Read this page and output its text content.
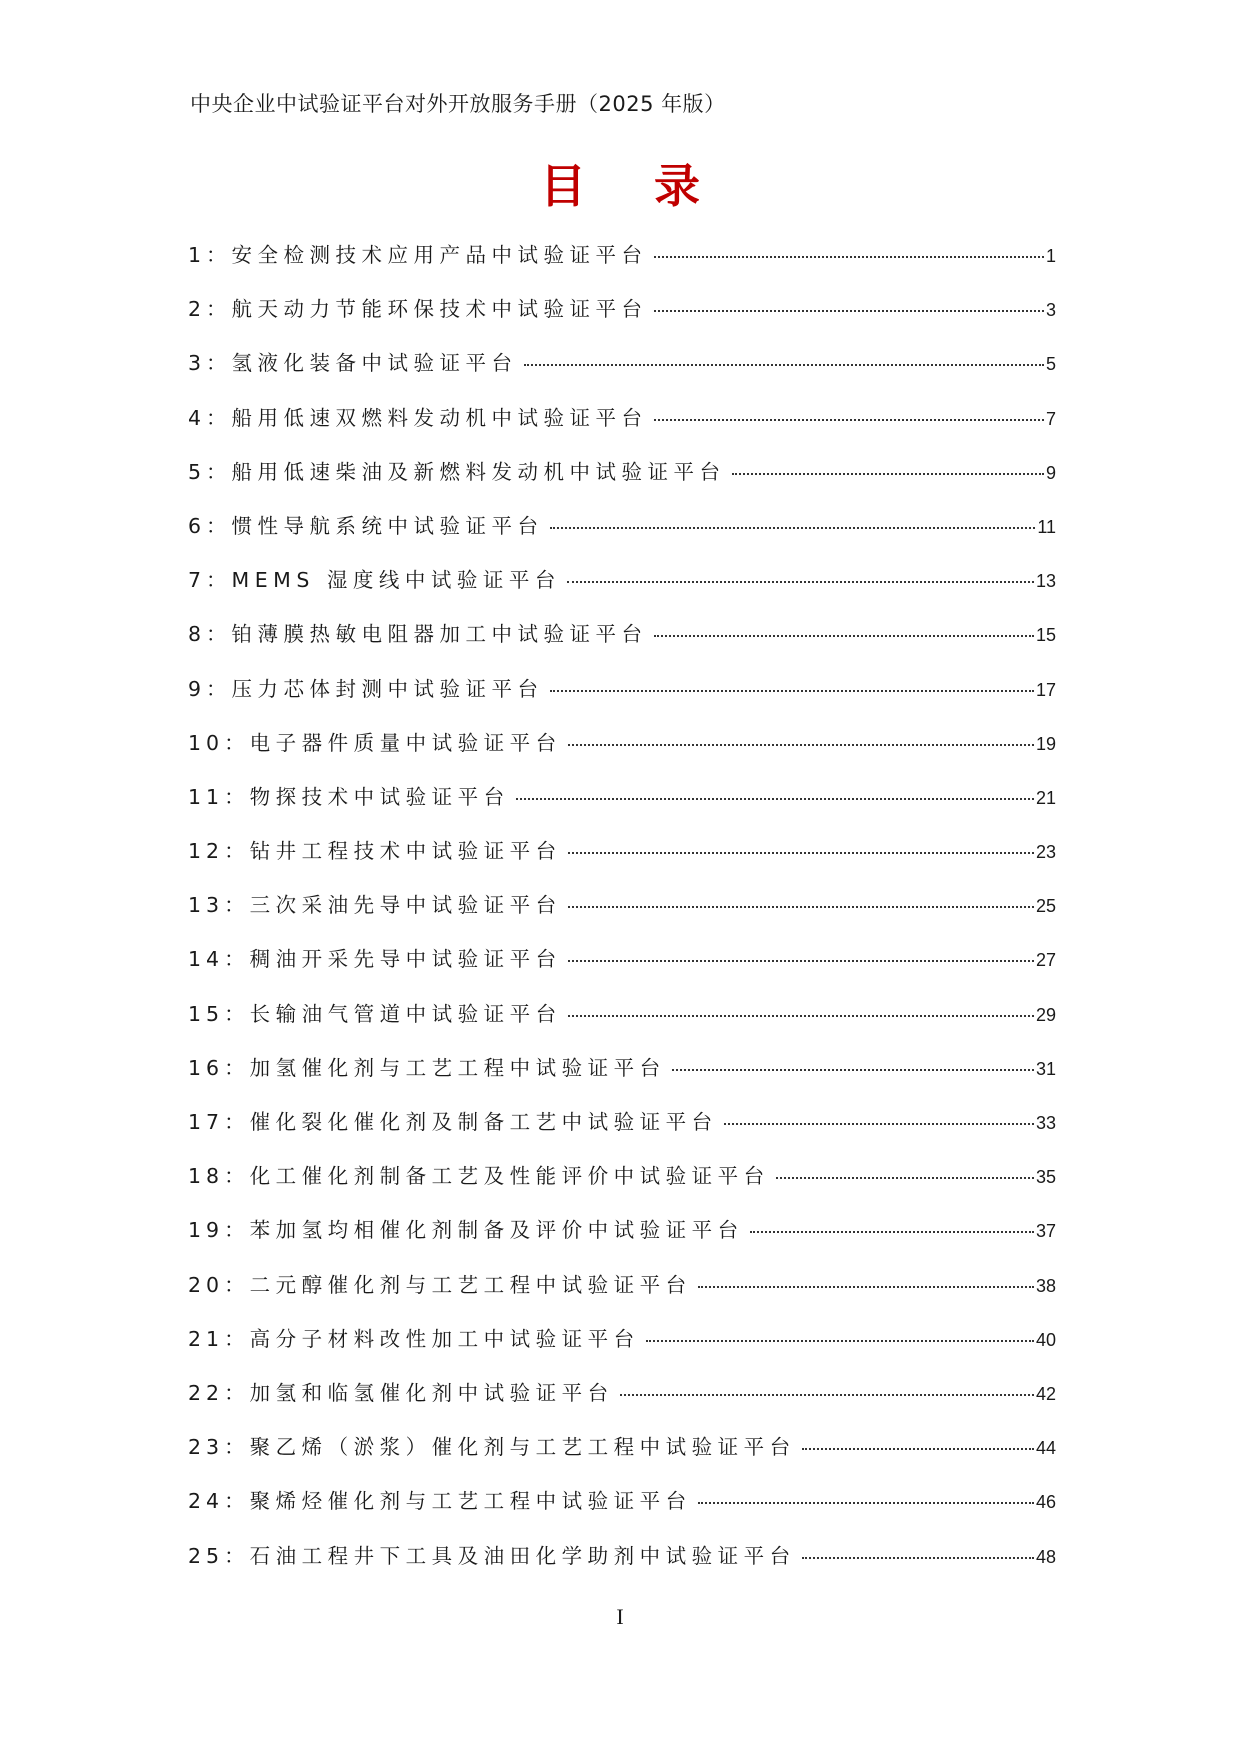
中央企业中试验证平台对外开放服务手册（2025 年版）
目 录
1： 安全检测技术应用产品中试验证平台	1
2： 航天动力节能环保技术中试验证平台	3
3： 氢液化装备中试验证平台	5
4： 船用低速双燃料发动机中试验证平台	7
5： 船用低速柴油及新燃料发动机中试验证平台	9
6： 惯性导航系统中试验证平台	11
7： MEMS 湿度线中试验证平台	13
8： 铂薄膜热敏电阻器加工中试验证平台	15
9： 压力芯体封测中试验证平台	17
10： 电子器件质量中试验证平台	19
11： 物探技术中试验证平台	21
12： 钻井工程技术中试验证平台	23
13： 三次采油先导中试验证平台	25
14： 稠油开采先导中试验证平台	27
15： 长输油气管道中试验证平台	29
16： 加氢催化剂与工艺工程中试验证平台	31
17： 催化裂化催化剂及制备工艺中试验证平台	33
18： 化工催化剂制备工艺及性能评价中试验证平台	35
19： 苯加氢均相催化剂制备及评价中试验证平台	37
20： 二元醇催化剂与工艺工程中试验证平台	38
21： 高分子材料改性加工中试验证平台	40
22： 加氢和临氢催化剂中试验证平台	42
23： 聚乙烯（淤浆）催化剂与工艺工程中试验证平台	44
24： 聚烯烃催化剂与工艺工程中试验证平台	46
25： 石油工程井下工具及油田化学助剂中试验证平台	48
I
